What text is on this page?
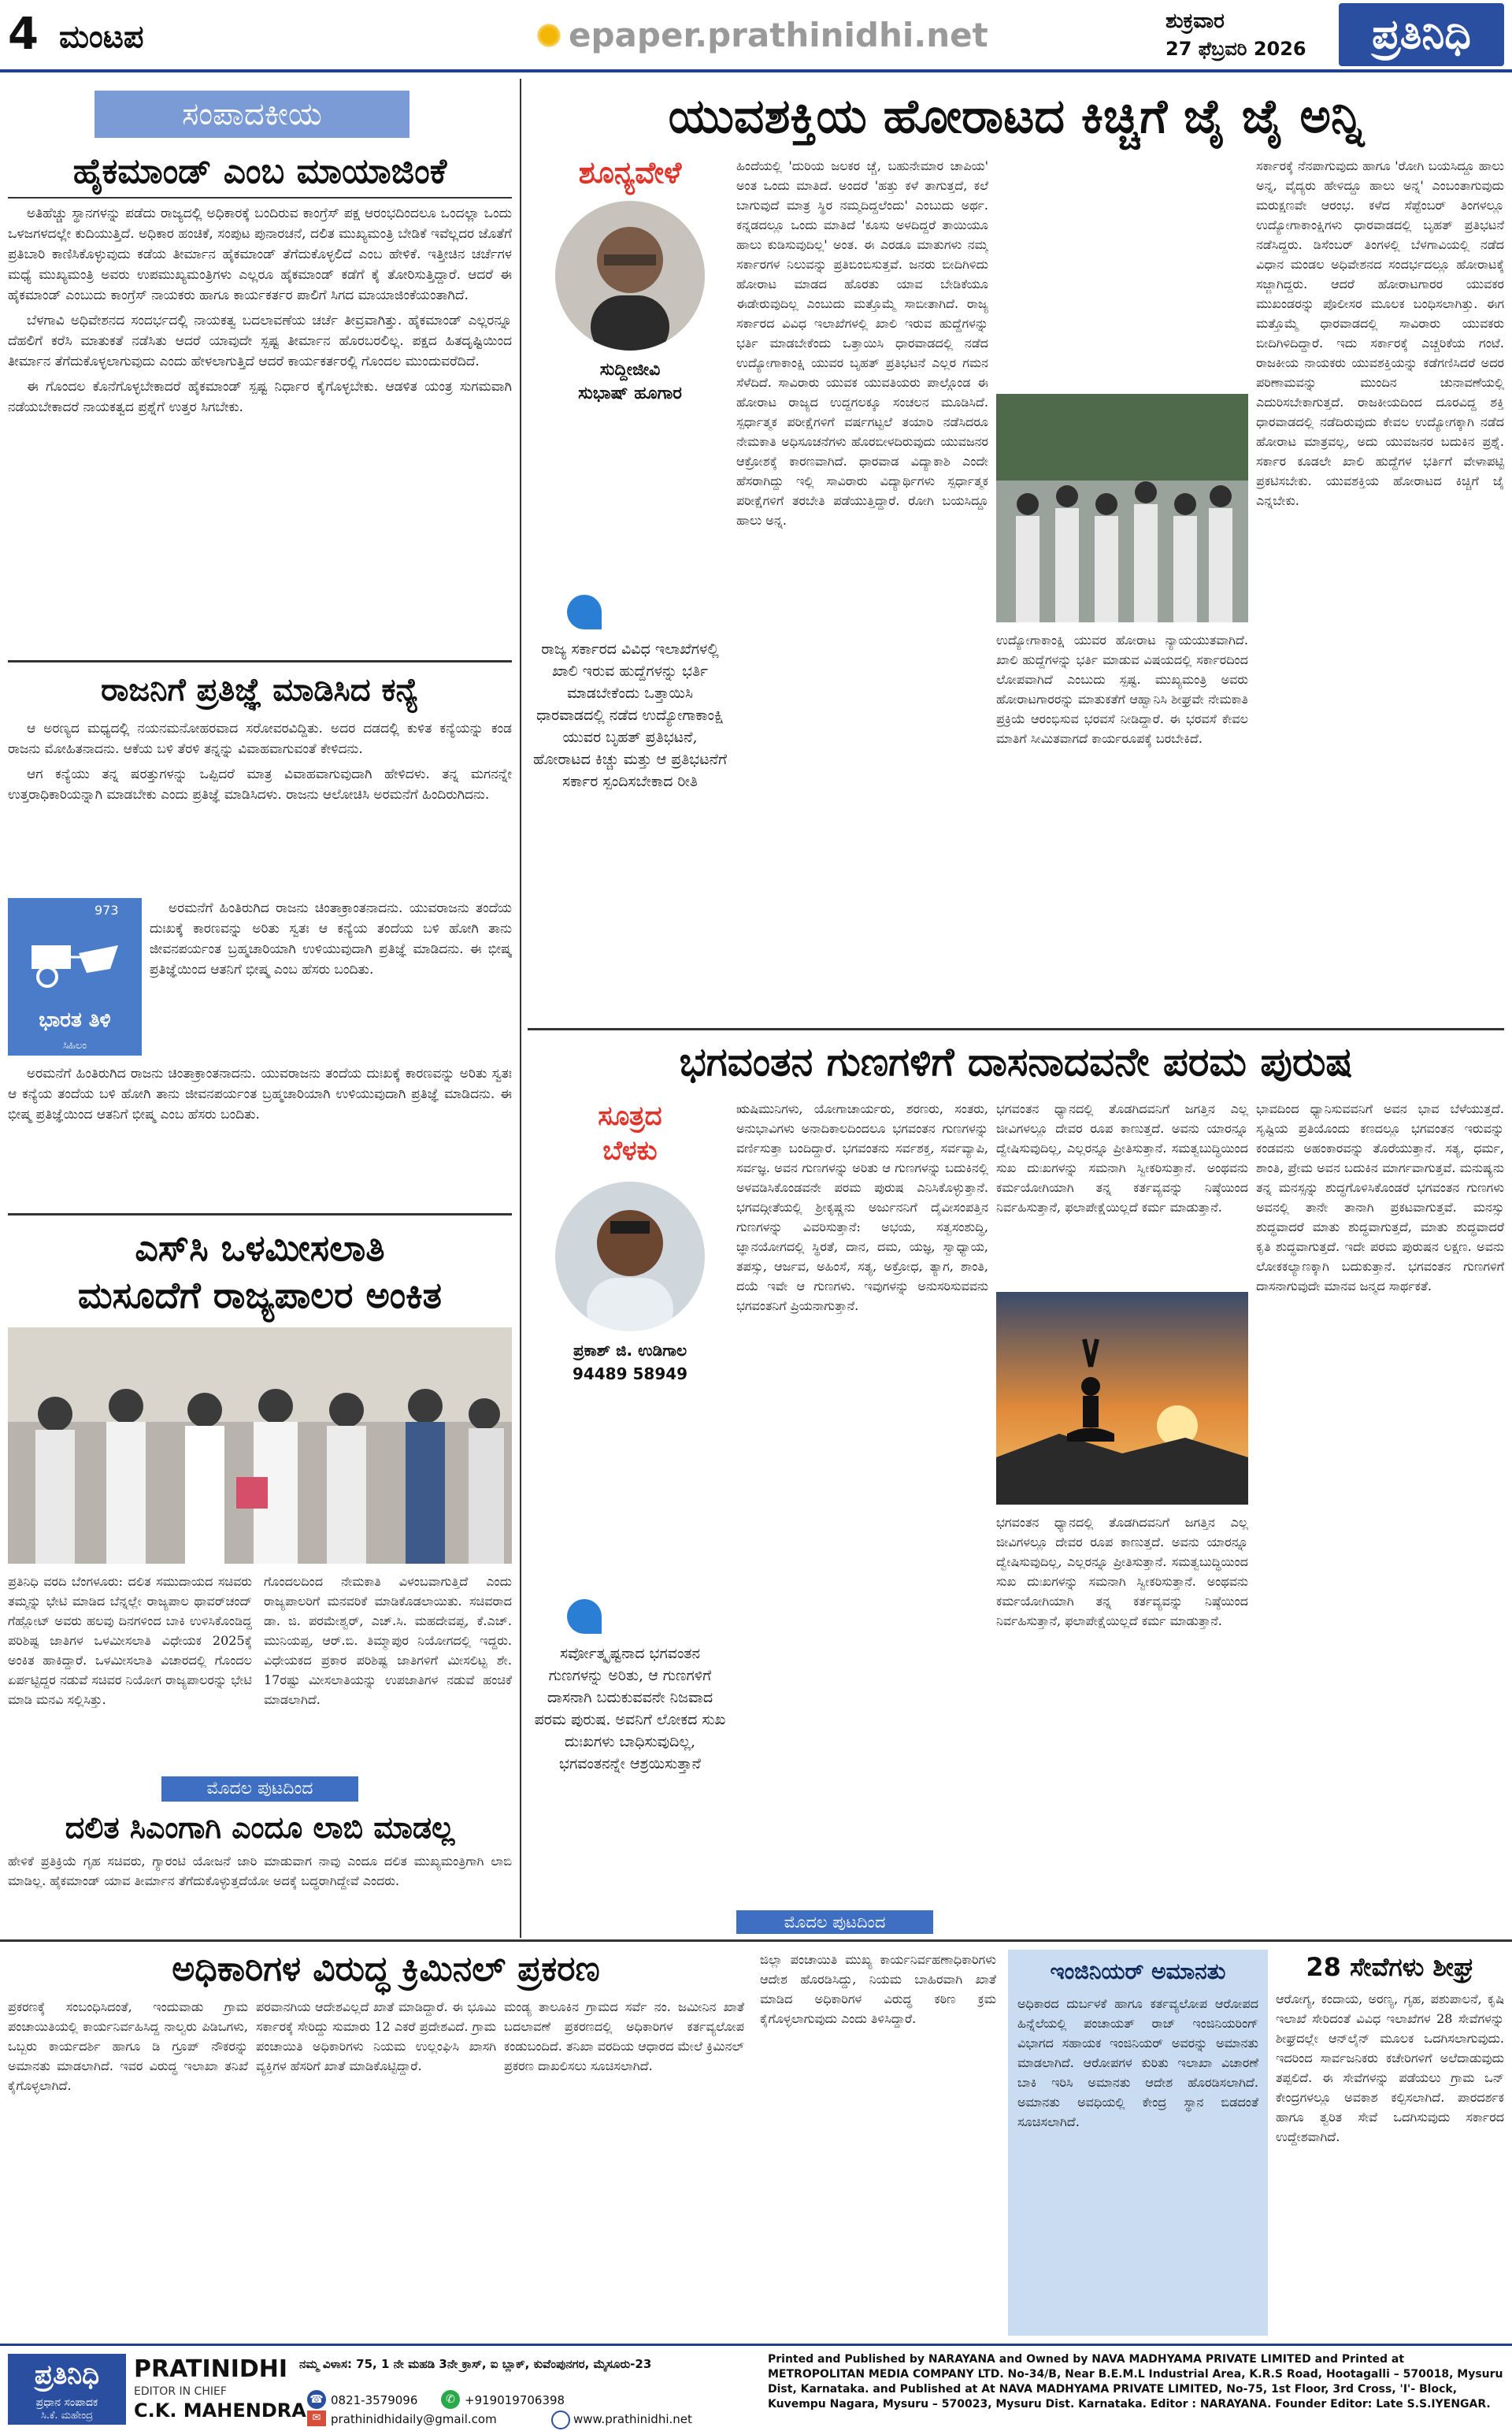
4 ಮಂಟಪ	epaper.prathinidhi.net	ಶುಕ್ರವಾರ
27 ಫೆಬ್ರವರಿ 2026	ಪ್ರತಿನಿಧಿ
ಸಂಪಾದಕೀಯ
ಹೈಕಮಾಂಡ್ ಎಂಬ ಮಾಯಾಜಿಂಕೆ

ಅತಿಹೆಚ್ಚು ಸ್ಥಾನಗಳನ್ನು ಪಡೆದು ರಾಜ್ಯದಲ್ಲಿ ಅಧಿಕಾರಕ್ಕೆ ಬಂದಿರುವ ಕಾಂಗ್ರೆಸ್ ಪಕ್ಷ ಆರಂಭದಿಂದಲೂ ಒಂದಲ್ಲಾ ಒಂದು ಒಳಜಗಳದಲ್ಲೇ ಕುದಿಯುತ್ತಿದೆ. ಅಧಿಕಾರ ಹಂಚಿಕೆ, ಸಂಪುಟ ಪುನಾರಚನೆ, ದಲಿತ ಮುಖ್ಯಮಂತ್ರಿ ಬೇಡಿಕೆ ಇವೆಲ್ಲದರ ಜೊತೆಗೆ ಪ್ರತಿಬಾರಿ ಕಾಣಿಸಿಕೊಳ್ಳುವುದು ಕಡೆಯ ತೀರ್ಮಾನ ಹೈಕಮಾಂಡ್ ತೆಗೆದುಕೊಳ್ಳಲಿದೆ ಎಂಬ ಹೇಳಿಕೆ. ಇತ್ತೀಚಿನ ಚರ್ಚೆಗಳ ಮಧ್ಯೆ ಮುಖ್ಯಮಂತ್ರಿ ಅವರು ಉಪಮುಖ್ಯಮಂತ್ರಿಗಳು ಎಲ್ಲರೂ ಹೈಕಮಾಂಡ್ ಕಡೆಗೆ ಕೈ ತೋರಿಸುತ್ತಿದ್ದಾರೆ. ಆದರೆ ಈ ಹೈಕಮಾಂಡ್ ಎಂಬುದು ಕಾಂಗ್ರೆಸ್ ನಾಯಕರು ಹಾಗೂ ಕಾರ್ಯಕರ್ತರ ಪಾಲಿಗೆ ಸಿಗದ ಮಾಯಾಜಿಂಕೆಯಂತಾಗಿದೆ.

ಬೆಳಗಾವಿ ಅಧಿವೇಶನದ ಸಂದರ್ಭದಲ್ಲಿ ನಾಯಕತ್ವ ಬದಲಾವಣೆಯ ಚರ್ಚೆ ತೀವ್ರವಾಗಿತ್ತು. ಹೈಕಮಾಂಡ್ ಎಲ್ಲರನ್ನೂ ದೆಹಲಿಗೆ ಕರೆಸಿ ಮಾತುಕತೆ ನಡೆಸಿತು ಆದರೆ ಯಾವುದೇ ಸ್ಪಷ್ಟ ತೀರ್ಮಾನ ಹೊರಬರಲಿಲ್ಲ. ಪಕ್ಷದ ಹಿತದೃಷ್ಟಿಯಿಂದ ತೀರ್ಮಾನ ತೆಗೆದುಕೊಳ್ಳಲಾಗುವುದು ಎಂದು ಹೇಳಲಾಗುತ್ತಿದೆ ಆದರೆ ಕಾರ್ಯಕರ್ತರಲ್ಲಿ ಗೊಂದಲ ಮುಂದುವರೆದಿದೆ.

ಈ ಗೊಂದಲ ಕೊನೆಗೊಳ್ಳಬೇಕಾದರೆ ಹೈಕಮಾಂಡ್ ಸ್ಪಷ್ಟ ನಿರ್ಧಾರ ಕೈಗೊಳ್ಳಬೇಕು. ಆಡಳಿತ ಯಂತ್ರ ಸುಗಮವಾಗಿ ನಡೆಯಬೇಕಾದರೆ ನಾಯಕತ್ವದ ಪ್ರಶ್ನೆಗೆ ಉತ್ತರ ಸಿಗಬೇಕು.

ರಾಜನಿಗೆ ಪ್ರತಿಜ್ಞೆ ಮಾಡಿಸಿದ ಕನ್ಯೆ

ಆ ಅರಣ್ಯದ ಮಧ್ಯದಲ್ಲಿ ನಯನಮನೋಹರವಾದ ಸರೋವರವಿದ್ದಿತು. ಅದರ ದಡದಲ್ಲಿ ಕುಳಿತ ಕನ್ಯೆಯನ್ನು ಕಂಡ ರಾಜನು ಮೋಹಿತನಾದನು. ಆಕೆಯ ಬಳಿ ತೆರಳಿ ತನ್ನನ್ನು ವಿವಾಹವಾಗುವಂತೆ ಕೇಳಿದನು.

ಆಗ ಕನ್ಯೆಯು ತನ್ನ ಷರತ್ತುಗಳನ್ನು ಒಪ್ಪಿದರೆ ಮಾತ್ರ ವಿವಾಹವಾಗುವುದಾಗಿ ಹೇಳಿದಳು. ತನ್ನ ಮಗನನ್ನೇ ಉತ್ತರಾಧಿಕಾರಿಯನ್ನಾಗಿ ಮಾಡಬೇಕು ಎಂದು ಪ್ರತಿಜ್ಞೆ ಮಾಡಿಸಿದಳು. ರಾಜನು ಆಲೋಚಿಸಿ ಅರಮನೆಗೆ ಹಿಂದಿರುಗಿದನು.

973
ಭಾರತ ತಿಳಿ
ಸಿಹಿಲಂ

ಅರಮನೆಗೆ ಹಿಂತಿರುಗಿದ ರಾಜನು ಚಿಂತಾಕ್ರಾಂತನಾದನು. ಯುವರಾಜನು ತಂದೆಯ ದುಃಖಕ್ಕೆ ಕಾರಣವನ್ನು ಅರಿತು ಸ್ವತಃ ಆ ಕನ್ಯೆಯ ತಂದೆಯ ಬಳಿ ಹೋಗಿ ತಾನು ಜೀವನಪರ್ಯಂತ ಬ್ರಹ್ಮಚಾರಿಯಾಗಿ ಉಳಿಯುವುದಾಗಿ ಪ್ರತಿಜ್ಞೆ ಮಾಡಿದನು. ಈ ಭೀಷ್ಮ ಪ್ರತಿಜ್ಞೆಯಿಂದ ಆತನಿಗೆ ಭೀಷ್ಮ ಎಂಬ ಹೆಸರು ಬಂದಿತು.

ಅರಮನೆಗೆ ಹಿಂತಿರುಗಿದ ರಾಜನು ಚಿಂತಾಕ್ರಾಂತನಾದನು. ಯುವರಾಜನು ತಂದೆಯ ದುಃಖಕ್ಕೆ ಕಾರಣವನ್ನು ಅರಿತು ಸ್ವತಃ ಆ ಕನ್ಯೆಯ ತಂದೆಯ ಬಳಿ ಹೋಗಿ ತಾನು ಜೀವನಪರ್ಯಂತ ಬ್ರಹ್ಮಚಾರಿಯಾಗಿ ಉಳಿಯುವುದಾಗಿ ಪ್ರತಿಜ್ಞೆ ಮಾಡಿದನು. ಈ ಭೀಷ್ಮ ಪ್ರತಿಜ್ಞೆಯಿಂದ ಆತನಿಗೆ ಭೀಷ್ಮ ಎಂಬ ಹೆಸರು ಬಂದಿತು.

ಎಸ್‌ಸಿ ಒಳಮೀಸಲಾತಿ
ಮಸೂದೆಗೆ ರಾಜ್ಯಪಾಲರ ಅಂಕಿತ
ಪ್ರತಿನಿಧಿ ವರದಿ ಬೆಂಗಳೂರು: ದಲಿತ ಸಮುದಾಯದ ಸಚಿವರು ತಮ್ಮನ್ನು ಭೇಟಿ ಮಾಡಿದ ಬೆನ್ನಲ್ಲೇ ರಾಜ್ಯಪಾಲ ಥಾವರ್‌ಚಂದ್ ಗೆಹ್ಲೋಟ್ ಅವರು ಹಲವು ದಿನಗಳಿಂದ ಬಾಕಿ ಉಳಿಸಿಕೊಂಡಿದ್ದ ಪರಿಶಿಷ್ಟ ಜಾತಿಗಳ ಒಳಮೀಸಲಾತಿ ವಿಧೇಯಕ 2025ಕ್ಕೆ ಅಂಕಿತ ಹಾಕಿದ್ದಾರೆ. ಒಳಮೀಸಲಾತಿ ವಿಚಾರದಲ್ಲಿ ಗೊಂದಲ ಏರ್ಪಟ್ಟಿದ್ದರ ನಡುವೆ ಸಚಿವರ ನಿಯೋಗ ರಾಜ್ಯಪಾಲರನ್ನು ಭೇಟಿ ಮಾಡಿ ಮನವಿ ಸಲ್ಲಿಸಿತ್ತು.
ಗೊಂದಲದಿಂದ ನೇಮಕಾತಿ ವಿಳಂಬವಾಗುತ್ತಿದೆ ಎಂದು ರಾಜ್ಯಪಾಲರಿಗೆ ಮನವರಿಕೆ ಮಾಡಿಕೊಡಲಾಯಿತು. ಸಚಿವರಾದ ಡಾ. ಜಿ. ಪರಮೇಶ್ವರ್, ಎಚ್.ಸಿ. ಮಹದೇವಪ್ಪ, ಕೆ.ಎಚ್. ಮುನಿಯಪ್ಪ, ಆರ್.ಬಿ. ತಿಮ್ಮಾಪುರ ನಿಯೋಗದಲ್ಲಿ ಇದ್ದರು. ವಿಧೇಯಕದ ಪ್ರಕಾರ ಪರಿಶಿಷ್ಟ ಜಾತಿಗಳಿಗೆ ಮೀಸಲಿಟ್ಟ ಶೇ. 17ರಷ್ಟು ಮೀಸಲಾತಿಯನ್ನು ಉಪಜಾತಿಗಳ ನಡುವೆ ಹಂಚಿಕೆ ಮಾಡಲಾಗಿದೆ.
ಮೊದಲ ಪುಟದಿಂದ
ದಲಿತ ಸಿಎಂಗಾಗಿ ಎಂದೂ ಲಾಬಿ ಮಾಡಲ್ಲ
ಹೇಳಿಕೆ ಪ್ರತಿಕ್ರಿಯೆ ಗೃಹ ಸಚಿವರು, ಗ್ಯಾರಂಟಿ ಯೋಜನೆ ಜಾರಿ ಮಾಡುವಾಗ ನಾವು ಎಂದೂ ದಲಿತ ಮುಖ್ಯಮಂತ್ರಿಗಾಗಿ ಲಾಬಿ ಮಾಡಿಲ್ಲ. ಹೈಕಮಾಂಡ್ ಯಾವ ತೀರ್ಮಾನ ತೆಗೆದುಕೊಳ್ಳುತ್ತದೆಯೋ ಅದಕ್ಕೆ ಬದ್ಧರಾಗಿದ್ದೇವೆ ಎಂದರು.
ಯುವಶಕ್ತಿಯ ಹೋರಾಟದ ಕಿಚ್ಚಿಗೆ ಜೈ ಜೈ ಅನ್ನಿ
ಶೂನ್ಯವೇಳೆ
ಸುದ್ದೀಜೀವಿ
ಸುಭಾಷ್ ಹೂಗಾರ
ರಾಜ್ಯ ಸರ್ಕಾರದ ವಿವಿಧ ಇಲಾಖೆಗಳಲ್ಲಿ ಖಾಲಿ ಇರುವ ಹುದ್ದೆಗಳನ್ನು ಭರ್ತಿ ಮಾಡಬೇಕೆಂದು ಒತ್ತಾಯಿಸಿ ಧಾರವಾಡದಲ್ಲಿ ನಡೆದ ಉದ್ಯೋಗಾಕಾಂಕ್ಷಿ ಯುವರ ಬೃಹತ್ ಪ್ರತಿಭಟನೆ, ಹೋರಾಟದ ಕಿಚ್ಚು ಮತ್ತು ಆ ಪ್ರತಿಭಟನೆಗೆ ಸರ್ಕಾರ ಸ್ಪಂದಿಸಬೇಕಾದ ರೀತಿ
ಹಿಂದೆಯಲ್ಲಿ 'ದುರಿಯ ಜಲಕರ ಚ್ಚೆ, ಬಹುನೇಮಾರ ಚಾಪಿಯ' ಅಂತ ಒಂದು ಮಾತಿದೆ. ಅಂದರೆ 'ಹತ್ತು ಕಳೆ ತಾಗುತ್ತದೆ, ಕಲೆ ಬಾಗುವುದೆ ಮಾತ್ರ ಸ್ಥಿರ ನಮ್ಮದಿದ್ದಲೆಂದು' ಎಂಬುದು ಅರ್ಥ. ಕನ್ನಡದಲ್ಲೂ ಒಂದು ಮಾತಿದೆ 'ಕೂಸು ಅಳದಿದ್ದರೆ ತಾಯಿಯೂ ಹಾಲು ಕುಡಿಸುವುದಿಲ್ಲ' ಅಂತ. ಈ ಎರಡೂ ಮಾತುಗಳು ನಮ್ಮ ಸರ್ಕಾರಗಳ ನಿಲುವನ್ನು ಪ್ರತಿಬಿಂಬಿಸುತ್ತವೆ. ಜನರು ಬೀದಿಗಿಳಿದು ಹೋರಾಟ ಮಾಡದ ಹೊರತು ಯಾವ ಬೇಡಿಕೆಯೂ ಈಡೇರುವುದಿಲ್ಲ ಎಂಬುದು ಮತ್ತೊಮ್ಮೆ ಸಾಬೀತಾಗಿದೆ. ರಾಜ್ಯ ಸರ್ಕಾರದ ವಿವಿಧ ಇಲಾಖೆಗಳಲ್ಲಿ ಖಾಲಿ ಇರುವ ಹುದ್ದೆಗಳನ್ನು ಭರ್ತಿ ಮಾಡಬೇಕೆಂದು ಒತ್ತಾಯಿಸಿ ಧಾರವಾಡದಲ್ಲಿ ನಡೆದ ಉದ್ಯೋಗಾಕಾಂಕ್ಷಿ ಯುವರ ಬೃಹತ್ ಪ್ರತಿಭಟನೆ ಎಲ್ಲರ ಗಮನ ಸೆಳೆದಿದೆ. ಸಾವಿರಾರು ಯುವಕ ಯುವತಿಯರು ಪಾಲ್ಗೊಂಡ ಈ ಹೋರಾಟ ರಾಜ್ಯದ ಉದ್ದಗಲಕ್ಕೂ ಸಂಚಲನ ಮೂಡಿಸಿದೆ. ಸ್ಪರ್ಧಾತ್ಮಕ ಪರೀಕ್ಷೆಗಳಿಗೆ ವರ್ಷಗಟ್ಟಲೆ ತಯಾರಿ ನಡೆಸಿದರೂ ನೇಮಕಾತಿ ಅಧಿಸೂಚನೆಗಳು ಹೊರಬೀಳದಿರುವುದು ಯುವಜನರ ಆಕ್ರೋಶಕ್ಕೆ ಕಾರಣವಾಗಿದೆ. ಧಾರವಾಡ ವಿದ್ಯಾಕಾಶಿ ಎಂದೇ ಹೆಸರಾಗಿದ್ದು ಇಲ್ಲಿ ಸಾವಿರಾರು ವಿದ್ಯಾರ್ಥಿಗಳು ಸ್ಪರ್ಧಾತ್ಮಕ ಪರೀಕ್ಷೆಗಳಿಗೆ ತರಬೇತಿ ಪಡೆಯುತ್ತಿದ್ದಾರೆ. ರೋಗಿ ಬಯಸಿದ್ದೂ ಹಾಲು ಅನ್ನ.
ಉದ್ಯೋಗಾಕಾಂಕ್ಷಿ ಯುವರ ಹೋರಾಟ ನ್ಯಾಯಯುತವಾಗಿದೆ. ಖಾಲಿ ಹುದ್ದೆಗಳನ್ನು ಭರ್ತಿ ಮಾಡುವ ವಿಷಯದಲ್ಲಿ ಸರ್ಕಾರದಿಂದ ಲೋಪವಾಗಿದೆ ಎಂಬುದು ಸ್ಪಷ್ಟ. ಮುಖ್ಯಮಂತ್ರಿ ಅವರು ಹೋರಾಟಗಾರರನ್ನು ಮಾತುಕತೆಗೆ ಆಹ್ವಾನಿಸಿ ಶೀಘ್ರವೇ ನೇಮಕಾತಿ ಪ್ರಕ್ರಿಯೆ ಆರಂಭಿಸುವ ಭರವಸೆ ನೀಡಿದ್ದಾರೆ. ಈ ಭರವಸೆ ಕೇವಲ ಮಾತಿಗೆ ಸೀಮಿತವಾಗದೆ ಕಾರ್ಯರೂಪಕ್ಕೆ ಬರಬೇಕಿದೆ.
ಸರ್ಕಾರಕ್ಕೆ ನೆನಪಾಗುವುದು ಹಾಗೂ 'ರೋಗಿ ಬಯಸಿದ್ದೂ ಹಾಲು ಅನ್ನ, ವೈದ್ಯರು ಹೇಳಿದ್ದೂ ಹಾಲು ಅನ್ನ' ಎಂಬಂತಾಗುವುದು ಮರುಕ್ಷಣವೇ ಆರಂಭ. ಕಳೆದ ಸೆಪ್ಟೆಂಬರ್ ತಿಂಗಳಲ್ಲೂ ಉದ್ಯೋಗಾಕಾಂಕ್ಷಿಗಳು ಧಾರವಾಡದಲ್ಲಿ ಬೃಹತ್ ಪ್ರತಿಭಟನೆ ನಡೆಸಿದ್ದರು. ಡಿಸೆಂಬರ್ ತಿಂಗಳಲ್ಲಿ ಬೆಳಗಾವಿಯಲ್ಲಿ ನಡೆದ ವಿಧಾನ ಮಂಡಲ ಅಧಿವೇಶನದ ಸಂದರ್ಭದಲ್ಲೂ ಹೋರಾಟಕ್ಕೆ ಸಜ್ಜಾಗಿದ್ದರು. ಆದರೆ ಹೋರಾಟಗಾರರ ಯುವಕರ ಮುಖಂಡರನ್ನು ಪೊಲೀಸರ ಮೂಲಕ ಬಂಧಿಸಲಾಗಿತ್ತು. ಈಗ ಮತ್ತೊಮ್ಮೆ ಧಾರವಾಡದಲ್ಲಿ ಸಾವಿರಾರು ಯುವಕರು ಬೀದಿಗಿಳಿದಿದ್ದಾರೆ. ಇದು ಸರ್ಕಾರಕ್ಕೆ ಎಚ್ಚರಿಕೆಯ ಗಂಟೆ. ರಾಜಕೀಯ ನಾಯಕರು ಯುವಶಕ್ತಿಯನ್ನು ಕಡೆಗಣಿಸಿದರೆ ಅದರ ಪರಿಣಾಮವನ್ನು ಮುಂದಿನ ಚುನಾವಣೆಯಲ್ಲಿ ಎದುರಿಸಬೇಕಾಗುತ್ತದೆ. ರಾಜಕೀಯದಿಂದ ದೂರವಿದ್ದ ಶಕ್ತಿ ಧಾರವಾಡದಲ್ಲಿ ನಡೆದಿರುವುದು ಕೇವಲ ಉದ್ಯೋಗಕ್ಕಾಗಿ ನಡೆದ ಹೋರಾಟ ಮಾತ್ರವಲ್ಲ, ಅದು ಯುವಜನರ ಬದುಕಿನ ಪ್ರಶ್ನೆ. ಸರ್ಕಾರ ಕೂಡಲೇ ಖಾಲಿ ಹುದ್ದೆಗಳ ಭರ್ತಿಗೆ ವೇಳಾಪಟ್ಟಿ ಪ್ರಕಟಿಸಬೇಕು. ಯುವಶಕ್ತಿಯ ಹೋರಾಟದ ಕಿಚ್ಚಿಗೆ ಜೈ ಎನ್ನಬೇಕು.
ಭಗವಂತನ ಗುಣಗಳಿಗೆ ದಾಸನಾದವನೇ ಪರಮ ಪುರುಷ
ಸೂತ್ರದ
ಬೆಳಕು
ಪ್ರಕಾಶ್ ಜಿ. ಉಡಿಗಾಲ
94489 58949
ಸರ್ವೋತ್ಕೃಷ್ಟನಾದ ಭಗವಂತನ ಗುಣಗಳನ್ನು ಅರಿತು, ಆ ಗುಣಗಳಿಗೆ ದಾಸನಾಗಿ ಬದುಕುವವನೇ ನಿಜವಾದ ಪರಮ ಪುರುಷ. ಅವನಿಗೆ ಲೋಕದ ಸುಖ ದುಃಖಗಳು ಬಾಧಿಸುವುದಿಲ್ಲ, ಭಗವಂತನನ್ನೇ ಆಶ್ರಯಿಸುತ್ತಾನೆ
ಋಷಿಮುನಿಗಳು, ಯೋಗಾಚಾರ್ಯರು, ಶರಣರು, ಸಂತರು, ಅನುಭಾವಿಗಳು ಅನಾದಿಕಾಲದಿಂದಲೂ ಭಗವಂತನ ಗುಣಗಳನ್ನು ವರ್ಣಿಸುತ್ತಾ ಬಂದಿದ್ದಾರೆ. ಭಗವಂತನು ಸರ್ವಶಕ್ತ, ಸರ್ವವ್ಯಾಪಿ, ಸರ್ವಜ್ಞ. ಅವನ ಗುಣಗಳನ್ನು ಅರಿತು ಆ ಗುಣಗಳನ್ನು ಬದುಕಿನಲ್ಲಿ ಅಳವಡಿಸಿಕೊಂಡವನೇ ಪರಮ ಪುರುಷ ಎನಿಸಿಕೊಳ್ಳುತ್ತಾನೆ. ಭಗವದ್ಗೀತೆಯಲ್ಲಿ ಶ್ರೀಕೃಷ್ಣನು ಅರ್ಜುನನಿಗೆ ದೈವೀಸಂಪತ್ತಿನ ಗುಣಗಳನ್ನು ವಿವರಿಸುತ್ತಾನೆ: ಅಭಯ, ಸತ್ವಸಂಶುದ್ಧಿ, ಜ್ಞಾನಯೋಗದಲ್ಲಿ ಸ್ಥಿರತೆ, ದಾನ, ದಮ, ಯಜ್ಞ, ಸ್ವಾಧ್ಯಾಯ, ತಪಸ್ಸು, ಆರ್ಜವ, ಅಹಿಂಸೆ, ಸತ್ಯ, ಅಕ್ರೋಧ, ತ್ಯಾಗ, ಶಾಂತಿ, ದಯೆ ಇವೇ ಆ ಗುಣಗಳು. ಇವುಗಳನ್ನು ಅನುಸರಿಸುವವನು ಭಗವಂತನಿಗೆ ಪ್ರಿಯನಾಗುತ್ತಾನೆ.
ಭಗವಂತನ ಧ್ಯಾನದಲ್ಲಿ ತೊಡಗಿದವನಿಗೆ ಜಗತ್ತಿನ ಎಲ್ಲ ಜೀವಿಗಳಲ್ಲೂ ದೇವರ ರೂಪ ಕಾಣುತ್ತದೆ. ಅವನು ಯಾರನ್ನೂ ದ್ವೇಷಿಸುವುದಿಲ್ಲ, ಎಲ್ಲರನ್ನೂ ಪ್ರೀತಿಸುತ್ತಾನೆ. ಸಮತ್ವಬುದ್ಧಿಯಿಂದ ಸುಖ ದುಃಖಗಳನ್ನು ಸಮನಾಗಿ ಸ್ವೀಕರಿಸುತ್ತಾನೆ. ಅಂಥವನು ಕರ್ಮಯೋಗಿಯಾಗಿ ತನ್ನ ಕರ್ತವ್ಯವನ್ನು ನಿಷ್ಠೆಯಿಂದ ನಿರ್ವಹಿಸುತ್ತಾನೆ, ಫಲಾಪೇಕ್ಷೆಯಿಲ್ಲದೆ ಕರ್ಮ ಮಾಡುತ್ತಾನೆ.
ಭಗವಂತನ ಧ್ಯಾನದಲ್ಲಿ ತೊಡಗಿದವನಿಗೆ ಜಗತ್ತಿನ ಎಲ್ಲ ಜೀವಿಗಳಲ್ಲೂ ದೇವರ ರೂಪ ಕಾಣುತ್ತದೆ. ಅವನು ಯಾರನ್ನೂ ದ್ವೇಷಿಸುವುದಿಲ್ಲ, ಎಲ್ಲರನ್ನೂ ಪ್ರೀತಿಸುತ್ತಾನೆ. ಸಮತ್ವಬುದ್ಧಿಯಿಂದ ಸುಖ ದುಃಖಗಳನ್ನು ಸಮನಾಗಿ ಸ್ವೀಕರಿಸುತ್ತಾನೆ. ಅಂಥವನು ಕರ್ಮಯೋಗಿಯಾಗಿ ತನ್ನ ಕರ್ತವ್ಯವನ್ನು ನಿಷ್ಠೆಯಿಂದ ನಿರ್ವಹಿಸುತ್ತಾನೆ, ಫಲಾಪೇಕ್ಷೆಯಿಲ್ಲದೆ ಕರ್ಮ ಮಾಡುತ್ತಾನೆ.
ಭಾವದಿಂದ ಧ್ಯಾನಿಸುವವನಿಗೆ ಅವನ ಭಾವ ಬೆಳೆಯುತ್ತದೆ. ಸೃಷ್ಟಿಯ ಪ್ರತಿಯೊಂದು ಕಣದಲ್ಲೂ ಭಗವಂತನ ಇರುವನ್ನು ಕಂಡವನು ಅಹಂಕಾರವನ್ನು ತೊರೆಯುತ್ತಾನೆ. ಸತ್ಯ, ಧರ್ಮ, ಶಾಂತಿ, ಪ್ರೇಮ ಅವನ ಬದುಕಿನ ಮಾರ್ಗವಾಗುತ್ತವೆ. ಮನುಷ್ಯನು ತನ್ನ ಮನಸ್ಸನ್ನು ಶುದ್ಧಗೊಳಿಸಿಕೊಂಡರೆ ಭಗವಂತನ ಗುಣಗಳು ಅವನಲ್ಲಿ ತಾನೇ ತಾನಾಗಿ ಪ್ರಕಟವಾಗುತ್ತವೆ. ಮನಸ್ಸು ಶುದ್ಧವಾದರೆ ಮಾತು ಶುದ್ಧವಾಗುತ್ತದೆ, ಮಾತು ಶುದ್ಧವಾದರೆ ಕೃತಿ ಶುದ್ಧವಾಗುತ್ತದೆ. ಇದೇ ಪರಮ ಪುರುಷನ ಲಕ್ಷಣ. ಅವನು ಲೋಕಕಲ್ಯಾಣಕ್ಕಾಗಿ ಬದುಕುತ್ತಾನೆ. ಭಗವಂತನ ಗುಣಗಳಿಗೆ ದಾಸನಾಗುವುದೇ ಮಾನವ ಜನ್ಮದ ಸಾರ್ಥಕತೆ.
ಮೊದಲ ಪುಟದಿಂದ
ಅಧಿಕಾರಿಗಳ ವಿರುದ್ಧ ಕ್ರಿಮಿನಲ್ ಪ್ರಕರಣ
ಪ್ರಕರಣಕ್ಕೆ ಸಂಬಂಧಿಸಿದಂತೆ, ಇಂದುವಾಡು ಗ್ರಾಮ ಪಂಚಾಯಿತಿಯಲ್ಲಿ ಕಾರ್ಯನಿರ್ವಹಿಸಿದ್ದ ನಾಲ್ವರು ಪಿಡಿಒಗಳು, ಒಬ್ಬರು ಕಾರ್ಯದರ್ಶಿ ಹಾಗೂ ಡಿ ಗ್ರೂಪ್ ನೌಕರನ್ನು ಅಮಾನತು ಮಾಡಲಾಗಿದೆ. ಇವರ ವಿರುದ್ಧ ಇಲಾಖಾ ತನಿಖೆ ಕೈಗೊಳ್ಳಲಾಗಿದೆ.
ಪರವಾನಗಿಯ ಆದೇಶವಿಲ್ಲದೆ ಖಾತೆ ಮಾಡಿದ್ದಾರೆ. ಈ ಭೂಮಿ ಸರ್ಕಾರಕ್ಕೆ ಸೇರಿದ್ದು ಸುಮಾರು 12 ಎಕರೆ ಪ್ರದೇಶವಿದೆ. ಗ್ರಾಮ ಪಂಚಾಯಿತಿ ಅಧಿಕಾರಿಗಳು ನಿಯಮ ಉಲ್ಲಂಘಿಸಿ ಖಾಸಗಿ ವ್ಯಕ್ತಿಗಳ ಹೆಸರಿಗೆ ಖಾತೆ ಮಾಡಿಕೊಟ್ಟಿದ್ದಾರೆ.
ಮಂಡ್ಯ ತಾಲೂಕಿನ ಗ್ರಾಮದ ಸರ್ವೆ ನಂ. ಜಮೀನಿನ ಖಾತೆ ಬದಲಾವಣೆ ಪ್ರಕರಣದಲ್ಲಿ ಅಧಿಕಾರಿಗಳ ಕರ್ತವ್ಯಲೋಪ ಕಂಡುಬಂದಿದೆ. ತನಿಖಾ ವರದಿಯ ಆಧಾರದ ಮೇಲೆ ಕ್ರಿಮಿನಲ್ ಪ್ರಕರಣ ದಾಖಲಿಸಲು ಸೂಚಿಸಲಾಗಿದೆ.
ಜಿಲ್ಲಾ ಪಂಚಾಯಿತಿ ಮುಖ್ಯ ಕಾರ್ಯನಿರ್ವಹಣಾಧಿಕಾರಿಗಳು ಆದೇಶ ಹೊರಡಿಸಿದ್ದು, ನಿಯಮ ಬಾಹಿರವಾಗಿ ಖಾತೆ ಮಾಡಿದ ಅಧಿಕಾರಿಗಳ ವಿರುದ್ಧ ಕಠಿಣ ಕ್ರಮ ಕೈಗೊಳ್ಳಲಾಗುವುದು ಎಂದು ತಿಳಿಸಿದ್ದಾರೆ.
ಇಂಜಿನಿಯರ್ ಅಮಾನತು
ಅಧಿಕಾರದ ದುರ್ಬಳಕೆ ಹಾಗೂ ಕರ್ತವ್ಯಲೋಪ ಆರೋಪದ ಹಿನ್ನೆಲೆಯಲ್ಲಿ ಪಂಚಾಯತ್ ರಾಜ್ ಇಂಜಿನಿಯರಿಂಗ್ ವಿಭಾಗದ ಸಹಾಯಕ ಇಂಜಿನಿಯರ್ ಅವರನ್ನು ಅಮಾನತು ಮಾಡಲಾಗಿದೆ. ಆರೋಪಗಳ ಕುರಿತು ಇಲಾಖಾ ವಿಚಾರಣೆ ಬಾಕಿ ಇರಿಸಿ ಅಮಾನತು ಆದೇಶ ಹೊರಡಿಸಲಾಗಿದೆ. ಅಮಾನತು ಅವಧಿಯಲ್ಲಿ ಕೇಂದ್ರ ಸ್ಥಾನ ಬಿಡದಂತೆ ಸೂಚಿಸಲಾಗಿದೆ.
28 ಸೇವೆಗಳು ಶೀಘ್ರ
ಆರೋಗ್ಯ, ಕಂದಾಯ, ಅರಣ್ಯ, ಗೃಹ, ಪಶುಪಾಲನೆ, ಕೃಷಿ ಇಲಾಖೆ ಸೇರಿದಂತೆ ವಿವಿಧ ಇಲಾಖೆಗಳ 28 ಸೇವೆಗಳನ್ನು ಶೀಘ್ರದಲ್ಲೇ ಆನ್‌ಲೈನ್ ಮೂಲಕ ಒದಗಿಸಲಾಗುವುದು. ಇದರಿಂದ ಸಾರ್ವಜನಿಕರು ಕಚೇರಿಗಳಿಗೆ ಅಲೆದಾಡುವುದು ತಪ್ಪಲಿದೆ. ಈ ಸೇವೆಗಳನ್ನು ಪಡೆಯಲು ಗ್ರಾಮ ಒನ್ ಕೇಂದ್ರಗಳಲ್ಲೂ ಅವಕಾಶ ಕಲ್ಪಿಸಲಾಗಿದೆ. ಪಾರದರ್ಶಕ ಹಾಗೂ ತ್ವರಿತ ಸೇವೆ ಒದಗಿಸುವುದು ಸರ್ಕಾರದ ಉದ್ದೇಶವಾಗಿದೆ.
ಪ್ರತಿನಿಧಿ
ಪ್ರಧಾನ ಸಂಪಾದಕ
ಸಿ.ಕೆ. ಮಹೇಂದ್ರ
PRATINIDHI
EDITOR IN CHIEF
C.K. MAHENDRA
ನಮ್ಮ ವಿಳಾಸ: 75, 1 ನೇ ಮಹಡಿ 3ನೇ ಕ್ರಾಸ್, ಐ ಬ್ಲಾಕ್, ಕುವೆಂಪುನಗರ, ಮೈಸೂರು-23
☎ 0821-3579096	✆ +919019706398
✉ prathinidhidaily@gmail.com	www.prathinidhi.net
Printed and Published by NARAYANA and Owned by NAVA MADHYAMA PRIVATE LIMITED and Printed at METROPOLITAN MEDIA COMPANY LTD. No-34/B, Near B.E.M.L Industrial Area, K.R.S Road, Hootagalli – 570018, Mysuru Dist, Karnataka. and Published at At NAVA MADHYAMA PRIVATE LIMITED, No-75, 1st Floor, 3rd Cross, 'I'- Block, Kuvempu Nagara, Mysuru – 570023, Mysuru Dist. Karnataka. Editor : NARAYANA. Founder Editor: Late S.S.IYENGAR.
